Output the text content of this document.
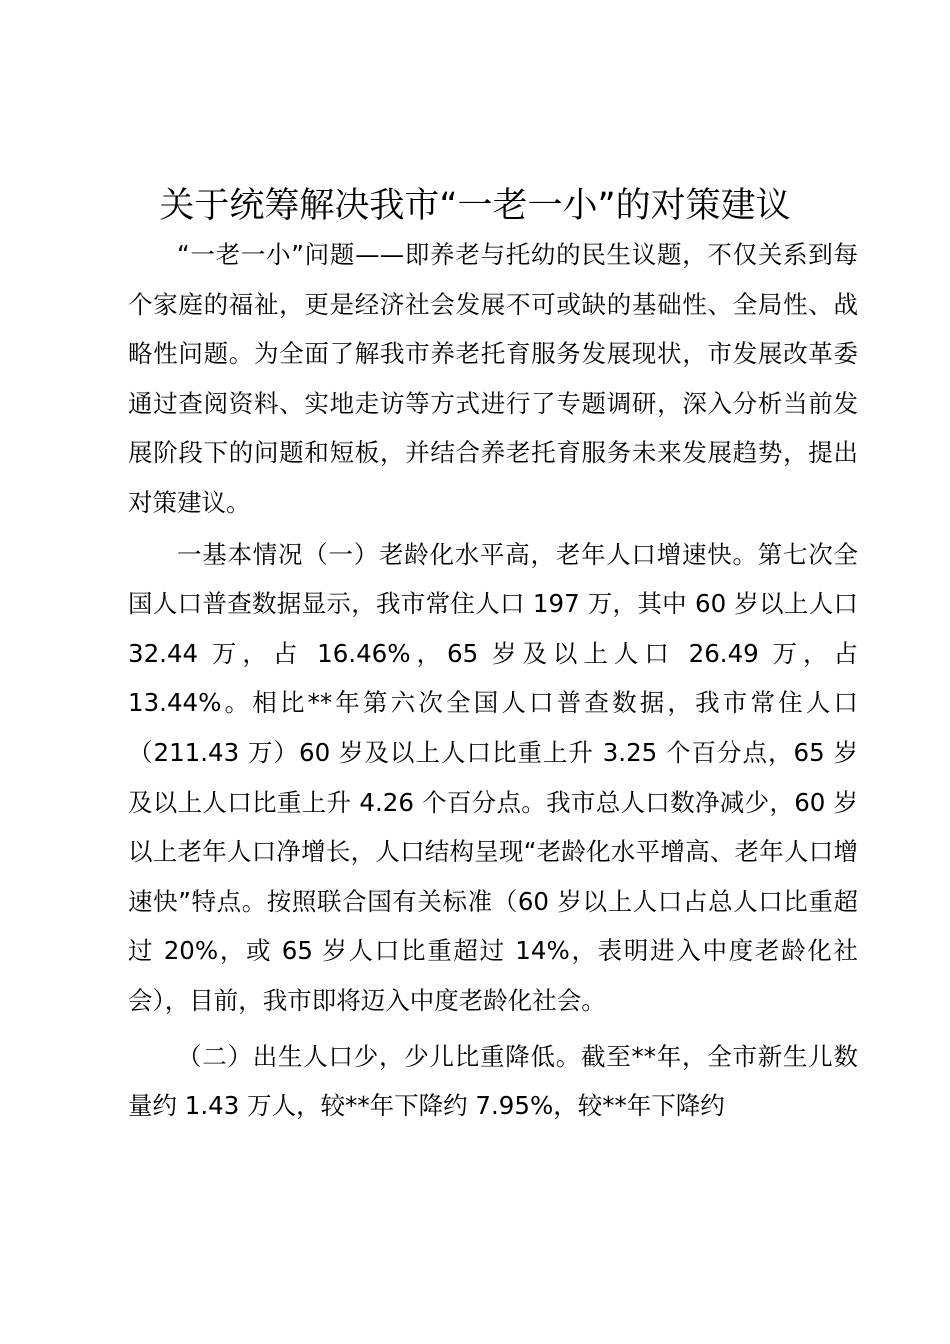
关于统筹解决我市“一老一小”的对策建议

“一老一小”问题——即养老与托幼的民生议题，不仅关系到每个家庭的福祉，更是经济社会发展不可或缺的基础性、全局性、战略性问题。为全面了解我市养老托育服务发展现状，市发展改革委通过查阅资料、实地走访等方式进行了专题调研，深入分析当前发展阶段下的问题和短板，并结合养老托育服务未来发展趋势，提出对策建议。

一基本情况（一）老龄化水平高，老年人口增速快。第七次全国人口普查数据显示，我市常住人口 197 万，其中 60 岁以上人口 32.44 万，占 16.46%，65 岁及以上人口 26.49 万，占 13.44%。相比**年第六次全国人口普查数据，我市常住人口（211.43 万）60 岁及以上人口比重上升 3.25 个百分点，65 岁及以上人口比重上升 4.26 个百分点。我市总人口数净减少，60 岁以上老年人口净增长，人口结构呈现“老龄化水平增高、老年人口增速快”特点。按照联合国有关标准（60 岁以上人口占总人口比重超过 20%，或 65 岁人口比重超过 14%，表明进入中度老龄化社会），目前，我市即将迈入中度老龄化社会。

（二）出生人口少，少儿比重降低。截至**年，全市新生儿数量约 1.43 万人，较**年下降约 7.95%，较**年下降约
